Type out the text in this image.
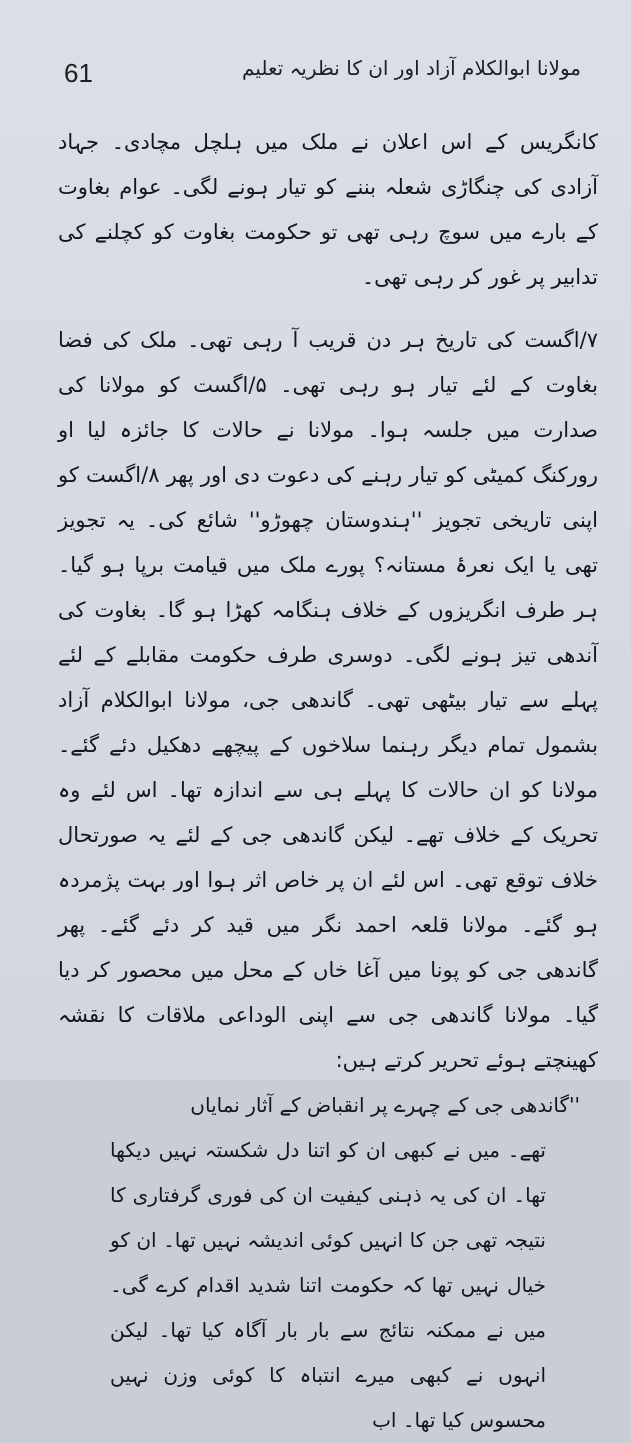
61	مولانا ابوالکلام آزاد اور ان کا نظریہ تعلیم

کانگریس کے اس اعلان نے ملک میں ہلچل مچادی۔ جہاد آزادی کی چنگاڑی شعلہ بننے کو تیار ہونے لگی۔ عوام بغاوت کے بارے میں سوچ رہی تھی تو حکومت بغاوت کو کچلنے کی تدابیر پر غور کر رہی تھی۔

۷/اگست کی تاریخ ہر دن قریب آ رہی تھی۔ ملک کی فضا بغاوت کے لئے تیار ہو رہی تھی۔ ۵/اگست کو مولانا کی صدارت میں جلسہ ہوا۔ مولانا نے حالات کا جائزہ لیا او رورکنگ کمیٹی کو تیار رہنے کی دعوت دی اور پھر ۸/اگست کو اپنی تاریخی تجویز ''ہندوستان چھوڑو'' شائع کی۔ یہ تجویز تھی یا ایک نعرۂ مستانہ؟ پورے ملک میں قیامت برپا ہو گیا۔ ہر طرف انگریزوں کے خلاف ہنگامہ کھڑا ہو گا۔ بغاوت کی آندھی تیز ہونے لگی۔ دوسری طرف حکومت مقابلے کے لئے پہلے سے تیار بیٹھی تھی۔ گاندھی جی، مولانا ابوالکلام آزاد بشمول تمام دیگر رہنما سلاخوں کے پیچھے دھکیل دئے گئے۔ مولانا کو ان حالات کا پہلے ہی سے اندازہ تھا۔ اس لئے وہ تحریک کے خلاف تھے۔ لیکن گاندھی جی کے لئے یہ صورتحال خلاف توقع تھی۔ اس لئے ان پر خاص اثر ہوا اور بہت پژمردہ ہو گئے۔ مولانا قلعہ احمد نگر میں قید کر دئے گئے۔ پھر گاندھی جی کو پونا میں آغا خاں کے محل میں محصور کر دیا گیا۔ مولانا گاندھی جی سے اپنی الوداعی ملاقات کا نقشہ کھینچتے ہوئے تحریر کرتے ہیں:

''گاندھی جی کے چہرے پر انقباض کے آثار نمایاں
تھے۔ میں نے کبھی ان کو اتنا دل شکستہ نہیں دیکھا تھا۔ ان کی یہ ذہنی کیفیت ان کی فوری گرفتاری کا نتیجہ تھی جن کا انہیں کوئی اندیشہ نہیں تھا۔ ان کو خیال نہیں تھا کہ حکومت اتنا شدید اقدام کرے گی۔ میں نے ممکنہ نتائج سے بار بار آگاہ کیا تھا۔ لیکن انہوں نے کبھی میرے انتباہ کا کوئی وزن نہیں محسوس کیا تھا۔ اب
